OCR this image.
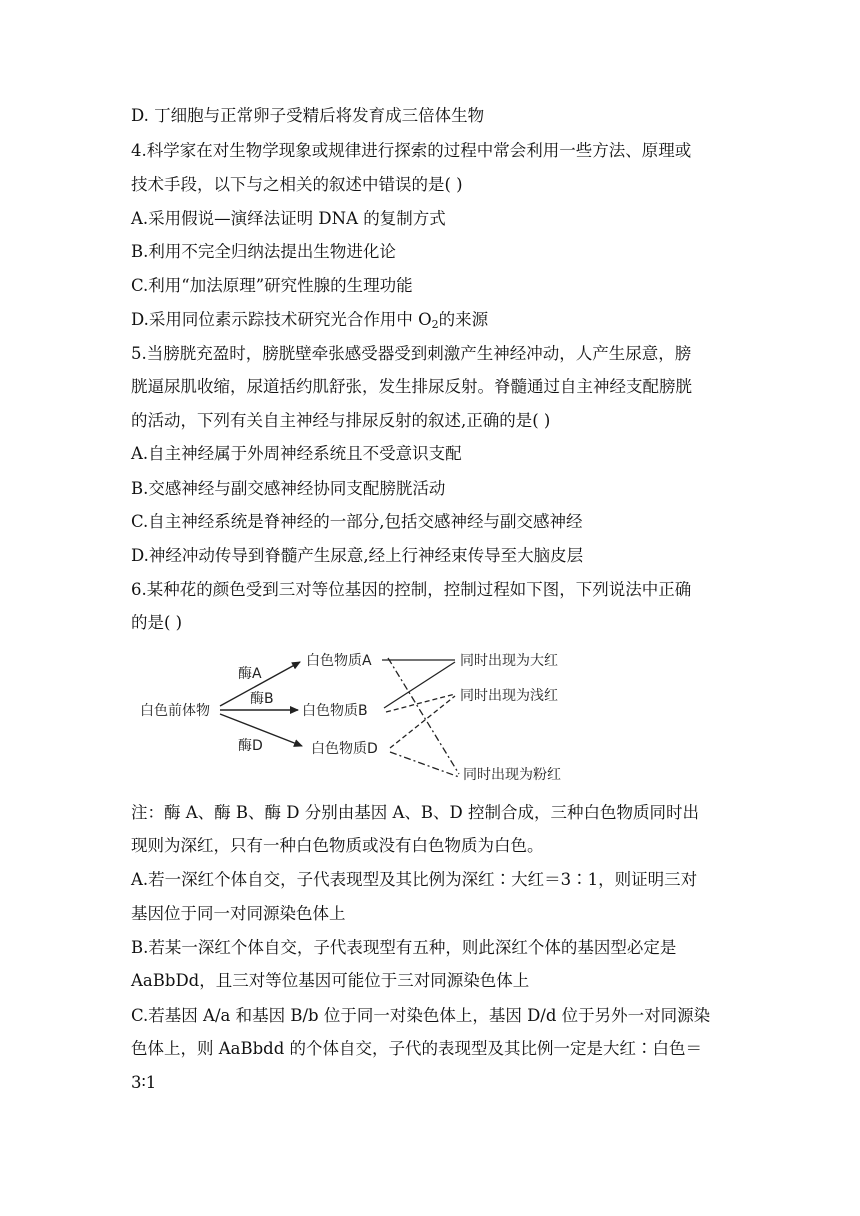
D. 丁细胞与正常卵子受精后将发育成三倍体生物
4.科学家在对生物学现象或规律进行探索的过程中常会利用一些方法、原理或
技术手段，以下与之相关的叙述中错误的是( )
A.采用假说—演绎法证明 DNA 的复制方式
B.利用不完全归纳法提出生物进化论
C.利用“加法原理”研究性腺的生理功能
D.采用同位素示踪技术研究光合作用中 $O_2$的来源
5.当膀胱充盈时，膀胱壁牵张感受器受到刺激产生神经冲动，人产生尿意，膀
胱逼尿肌收缩，尿道括约肌舒张，发生排尿反射。脊髓通过自主神经支配膀胱
的活动，下列有关自主神经与排尿反射的叙述,正确的是( )
A.自主神经属于外周神经系统且不受意识支配
B.交感神经与副交感神经协同支配膀胱活动
C.自主神经系统是脊神经的一部分,包括交感神经与副交感神经
D.神经冲动传导到脊髓产生尿意,经上行神经束传导至大脑皮层
6.某种花的颜色受到三对等位基因的控制，控制过程如下图，下列说法中正确
的是( )
白色前体物
酶A
酶B
酶D
白色物质A
白色物质B
白色物质D
同时出现为大红
同时出现为浅红
同时出现为粉红
注：酶 A、酶 B、酶 D 分别由基因 A、B、D 控制合成，三种白色物质同时出
现则为深红，只有一种白色物质或没有白色物质为白色。
A.若一深红个体自交，子代表现型及其比例为深红∶大红＝3∶1，则证明三对
基因位于同一对同源染色体上
B.若某一深红个体自交，子代表现型有五种，则此深红个体的基因型必定是
AaBbDd，且三对等位基因可能位于三对同源染色体上
C.若基因 A/a 和基因 B/b 位于同一对染色体上，基因 D/d 位于另外一对同源染
色体上，则 AaBbdd 的个体自交，子代的表现型及其比例一定是大红∶白色＝
3∶1
